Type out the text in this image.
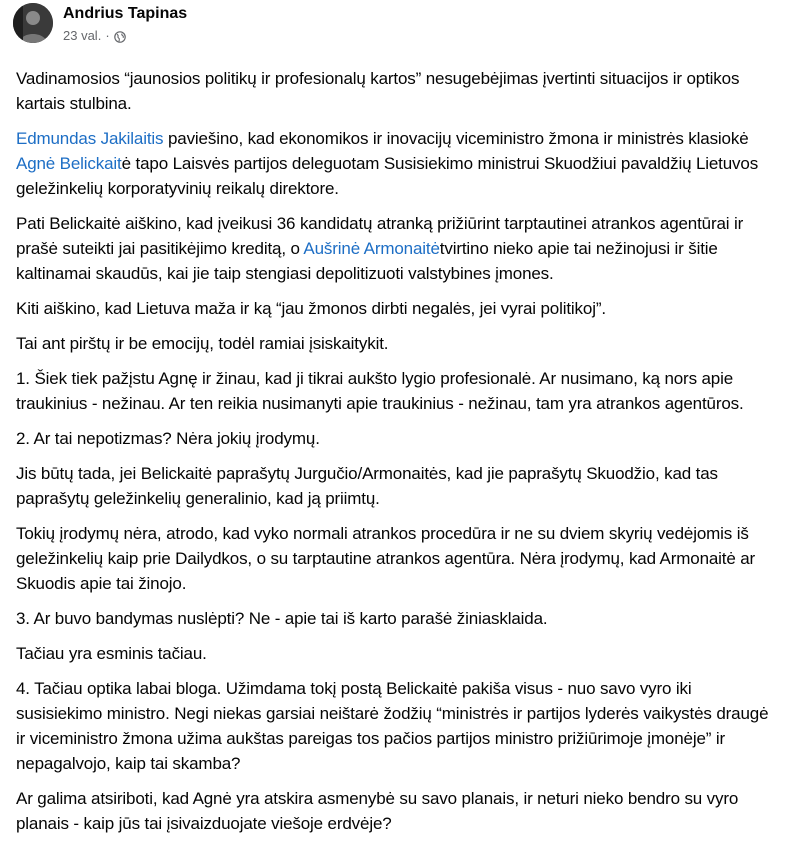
Andrius Tapinas
23 val. ·

Vadinamosios “jaunosios politikų ir profesionalų kartos” nesugebėjimas įvertinti situacijos ir optikos kartais stulbina.

Edmundas Jakilaitis paviešino, kad ekonomikos ir inovacijų viceministro žmona ir ministrės klasiokė Agnė Belickaitė tapo Laisvės partijos deleguotam Susisiekimo ministrui Skuodžiui pavaldžių Lietuvos geležinkelių korporatyvinių reikalų direktore.

Pati Belickaitė aiškino, kad įveikusi 36 kandidatų atranką prižiūrint tarptautinei atrankos agentūrai ir prašė suteikti jai pasitikėjimo kreditą, o Aušrinė Armonaitėtvirtino nieko apie tai nežinojusi ir šitie kaltinamai skaudūs, kai jie taip stengiasi depolitizuoti valstybines įmones.

Kiti aiškino, kad Lietuva maža ir ką “jau žmonos dirbti negalės, jei vyrai politikoj”.

Tai ant pirštų ir be emocijų, todėl ramiai įsiskaitykit.

1. Šiek tiek pažįstu Agnę ir žinau, kad ji tikrai aukšto lygio profesionalė. Ar nusimano, ką nors apie traukinius - nežinau. Ar ten reikia nusimanyti apie traukinius - nežinau, tam yra atrankos agentūros.

2. Ar tai nepotizmas? Nėra jokių įrodymų.

Jis būtų tada, jei Belickaitė paprašytų Jurgučio/Armonaitės, kad jie paprašytų Skuodžio, kad tas paprašytų geležinkelių generalinio, kad ją priimtų.

Tokių įrodymų nėra, atrodo, kad vyko normali atrankos procedūra ir ne su dviem skyrių vedėjomis iš geležinkelių kaip prie Dailydkos, o su tarptautine atrankos agentūra. Nėra įrodymų, kad Armonaitė ar Skuodis apie tai žinojo.

3. Ar buvo bandymas nuslėpti? Ne - apie tai iš karto parašė žiniasklaida.

Tačiau yra esminis tačiau.

4. Tačiau optika labai bloga. Užimdama tokį postą Belickaitė pakiša visus - nuo savo vyro iki susisiekimo ministro. Negi niekas garsiai neištarė žodžių “ministrės ir partijos lyderės vaikystės draugė ir viceministro žmona užima aukštas pareigas tos pačios partijos ministro prižiūrimoje įmonėje” ir nepagalvojo, kaip tai skamba?

Ar galima atsiriboti, kad Agnė yra atskira asmenybė su savo planais, ir neturi nieko bendro su vyro planais - kaip jūs tai įsivaizduojate viešoje erdvėje?
